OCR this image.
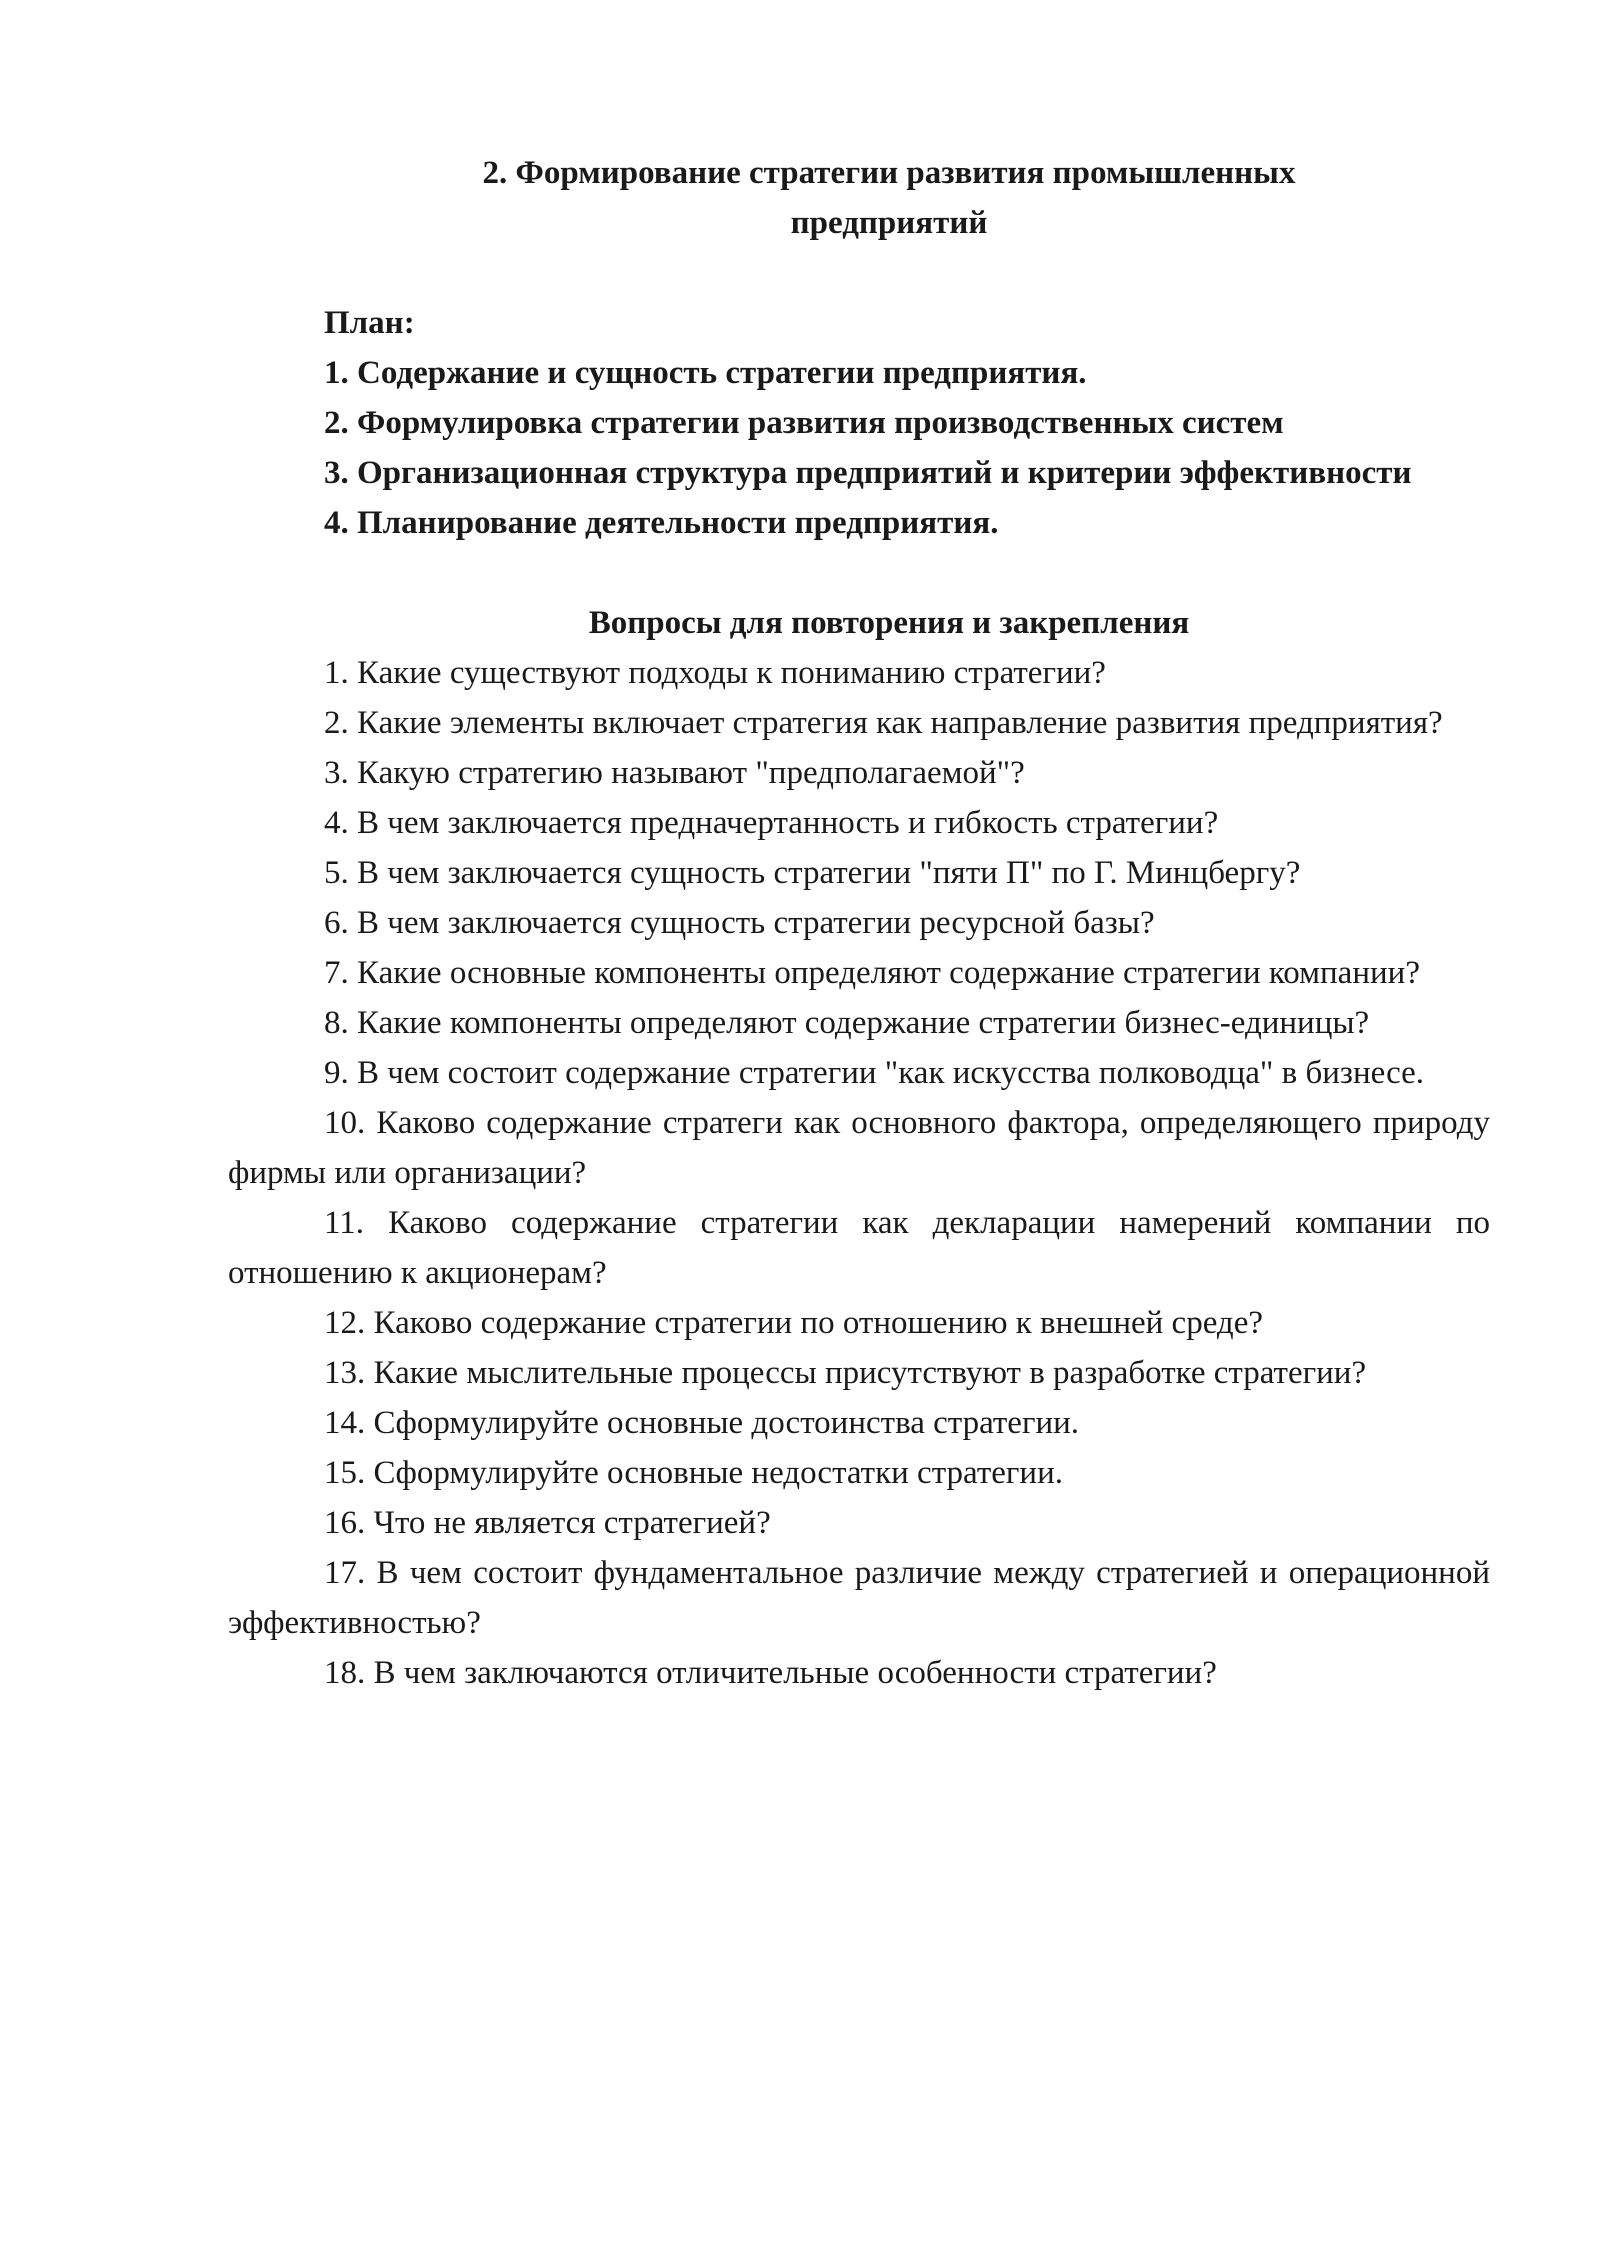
2. Формирование стратегии развития промышленных
предприятий

План:

1. Содержание и сущность стратегии предприятия.

2. Формулировка стратегии развития производственных систем

3. Организационная структура предприятий и критерии эффективности

4. Планирование деятельности предприятия.

Вопросы для повторения и закрепления

1. Какие существуют подходы к пониманию стратегии?

2. Какие элементы включает стратегия как направление развития предприятия?

3. Какую стратегию называют "предполагаемой"?

4. В чем заключается предначертанность и гибкость стратегии?

5. В чем заключается сущность стратегии "пяти П" по Г. Минцбергу?

6. В чем заключается сущность стратегии ресурсной базы?

7. Какие основные компоненты определяют содержание стратегии компании?

8. Какие компоненты определяют содержание стратегии бизнес-единицы?

9. В чем состоит содержание стратегии "как искусства полководца" в бизнесе.

10. Каково содержание стратеги как основного фактора, определяющего природу фирмы или организации?

11. Каково содержание стратегии как декларации намерений компании по отношению к акционерам?

12. Каково содержание стратегии по отношению к внешней среде?

13. Какие мыслительные процессы присутствуют в разработке стратегии?

14. Сформулируйте основные достоинства стратегии.

15. Сформулируйте основные недостатки стратегии.

16. Что не является стратегией?

17. В чем состоит фундаментальное различие между стратегией и операционной эффективностью?

18. В чем заключаются отличительные особенности стратегии?
